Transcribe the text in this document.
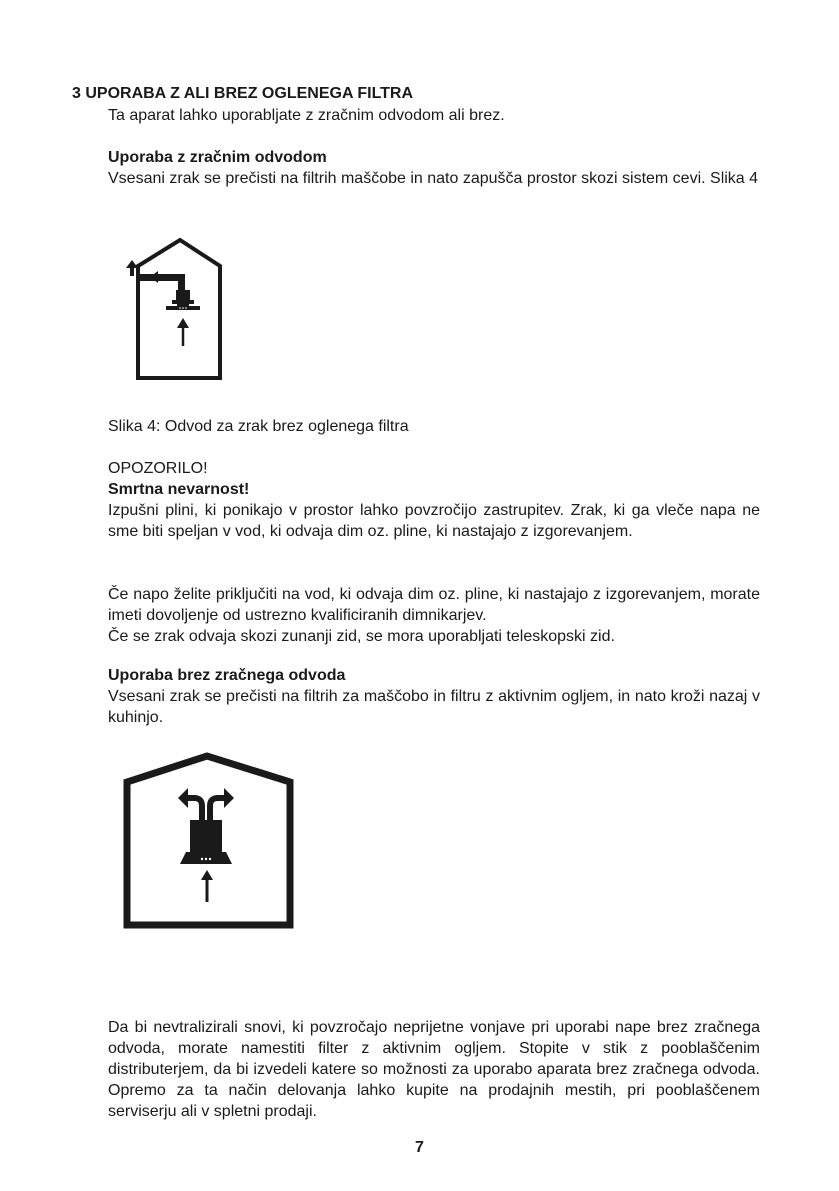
3 UPORABA Z ALI BREZ OGLENEGA FILTRA

Ta aparat lahko uporabljate z zračnim odvodom ali brez.

Uporaba z zračnim odvodom

Vsesani zrak se prečisti na filtrih maščobe in nato zapušča prostor skozi sistem cevi. Slika 4

Slika 4: Odvod za zrak brez oglenega filtra

OPOZORILO!

Smrtna nevarnost!

Izpušni plini, ki ponikajo v prostor lahko povzročijo zastrupitev. Zrak, ki ga vleče napa ne sme biti speljan v vod, ki odvaja dim oz. pline, ki nastajajo z izgorevanjem.

Če napo želite priključiti na vod, ki odvaja dim oz. pline, ki nastajajo z izgorevanjem, morate imeti dovoljenje od ustrezno kvalificiranih dimnikarjev.

Če se zrak odvaja skozi zunanji zid, se mora uporabljati teleskopski zid.

Uporaba brez zračnega odvoda

Vsesani zrak se prečisti na filtrih za maščobo in filtru z aktivnim ogljem, in nato kroži nazaj v kuhinjo.

Da bi nevtralizirali snovi, ki povzročajo neprijetne vonjave pri uporabi nape brez zračnega odvoda, morate namestiti filter z aktivnim ogljem. Stopite v stik z pooblaščenim distributerjem, da bi izvedeli katere so možnosti za uporabo aparata brez zračnega odvoda. Opremo za ta način delovanja lahko kupite na prodajnih mestih, pri pooblaščenem serviserju ali v spletni prodaji.

7
